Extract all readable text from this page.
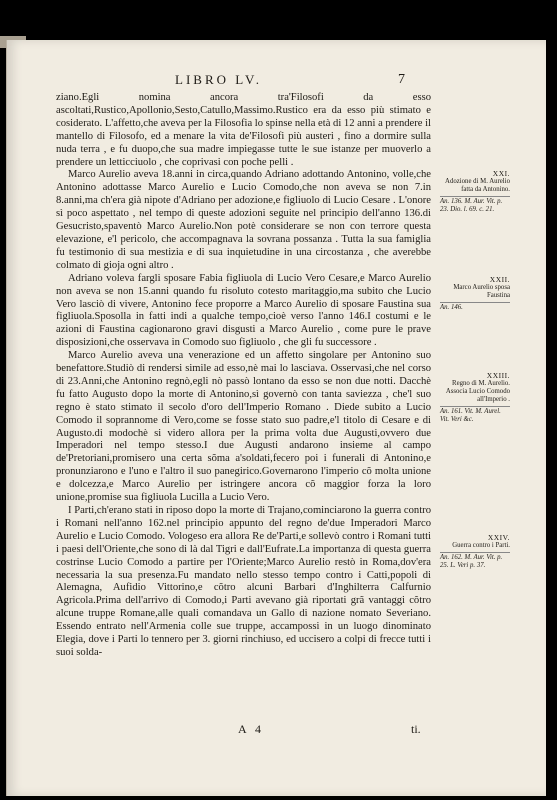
LIBRO LV.	7

ziano.Egli nomina ancora tra'Filosofi da esso ascoltati,Rustico,Apollonio,Sesto,Catullo,Massimo.Rustico era da esso più stimato e cosiderato. L'affetto,che aveva per la Filosofia lo spinse nella età di 12 anni a prendere il mantello di Filosofo, ed a menare la vita de'Filosofi più austeri , fino a dormire sulla nuda terra , e fu duopo,che sua madre impiegasse tutte le sue istanze per muoverlo a prendere un letticciuolo , che coprivasi con poche pelli .

Marco Aurelio aveva 18.anni in circa,quando Adriano adottando Antonino, volle,che Antonino adottasse Marco Aurelio e Lucio Comodo,che non aveva se non 7.in 8.anni,ma ch'era già nipote d'Adriano per adozione,e figliuolo di Lucio Cesare . L'onore sì poco aspettato , nel tempo di queste adozioni seguite nel principio dell'anno 136.di Gesucristo,spaventò Marco Aurelio.Non potè considerare se non con terrore questa elevazione, e'l pericolo, che accompagnava la sovrana possanza . Tutta la sua famiglia fu testimonio di sua mestizia e di sua inquietudine in una circostanza , che averebbe colmato di gioja ogni altro .

Adriano voleva fargli sposare Fabia figliuola di Lucio Vero Cesare,e Marco Aurelio non aveva se non 15.anni quando fu risoluto cotesto maritaggio,ma subito che Lucio Vero lasciò di vivere, Antonino fece proporre a Marco Aurelio di sposare Faustina sua figliuola.Sposolla in fatti indi a qualche tempo,cioè verso l'anno 146.I costumi e le azioni di Faustina cagionarono gravi disgusti a Marco Aurelio , come pure le prave disposizioni,che osservava in Comodo suo figliuolo , che gli fu successore .

Marco Aurelio aveva una venerazione ed un affetto singolare per Antonino suo benefattore.Studiò di rendersi simile ad esso,nè mai lo lasciava. Osservasi,che nel corso di 23.Anni,che Antonino regnò,egli nò passò lontano da esso se non due notti. Dacchè fu fatto Augusto dopo la morte di Antonino,sì governò con tanta saviezza , che'l suo regno è stato stimato il secolo d'oro dell'Imperio Romano . Diede subito a Lucio Comodo il soprannome di Vero,come se fosse stato suo padre,e'l titolo di Cesare e di Augusto.di modochè si videro allora per la prima volta due Augusti,ovvero due Imperadori nel tempo stesso.I due Augusti andarono insieme al campo de'Pretoriani,promisero una certa sõma a'soldati,fecero poi i funerali di Antonino,e pronunziarono e l'uno e l'altro il suo panegirico.Governarono l'imperio cõ molta unione e dolcezza,e Marco Aurelio per istringere ancora cõ maggior forza la loro unione,promise sua figliuola Lucilla a Lucio Vero.

I Parti,ch'erano stati in riposo dopo la morte di Trajano,cominciarono la guerra contro i Romani nell'anno 162.nel principio appunto del regno de'due Imperadori Marco Aurelio e Lucio Comodo. Vologeso era allora Re de'Parti,e sollevò contro i Romani tutti i paesi dell'Oriente,che sono di là dal Tigri e dall'Eufrate.La importanza di questa guerra costrinse Lucio Comodo a partire per l'Oriente;Marco Aurelio restò in Roma,dov'era necessaria la sua presenza.Fu mandato nello stesso tempo contro i Catti,popoli di Alemagna, Aufidio Vittorino,e cõtro alcuni Barbari d'Inghilterra Calfurnio Agricola.Prima dell'arrivo di Comodo,i Parti avevano già riportati grã vantaggi cõtro alcune truppe Romane,alle quali comandava un Gallo di nazione nomato Severiano. Essendo entrato nell'Armenia colle sue truppe, accampossi in un luogo dinominato Elegia, dove i Parti lo tennero per 3. giorni rinchiuso, ed uccisero a colpi di frecce tutti i suoi solda-

XXI.
Adozione di M. Aurelio fatta da Antonino.
An. 136. M. Aur. Vit. p. 23. Dio. l. 69. c. 21.
XXII.
Marco Aurelio sposa Faustina
An. 146.
XXIII.
Regno di M. Aurelio. Associa Lucio Comodo all'Imperio .
An. 161. Vit. M. Aurel. Vit. Veri &c.
XXIV.
Guerra contro i Parti.
An. 162. M. Aur. Vit. p. 25. L. Veri p. 37.
A 4	ti.
